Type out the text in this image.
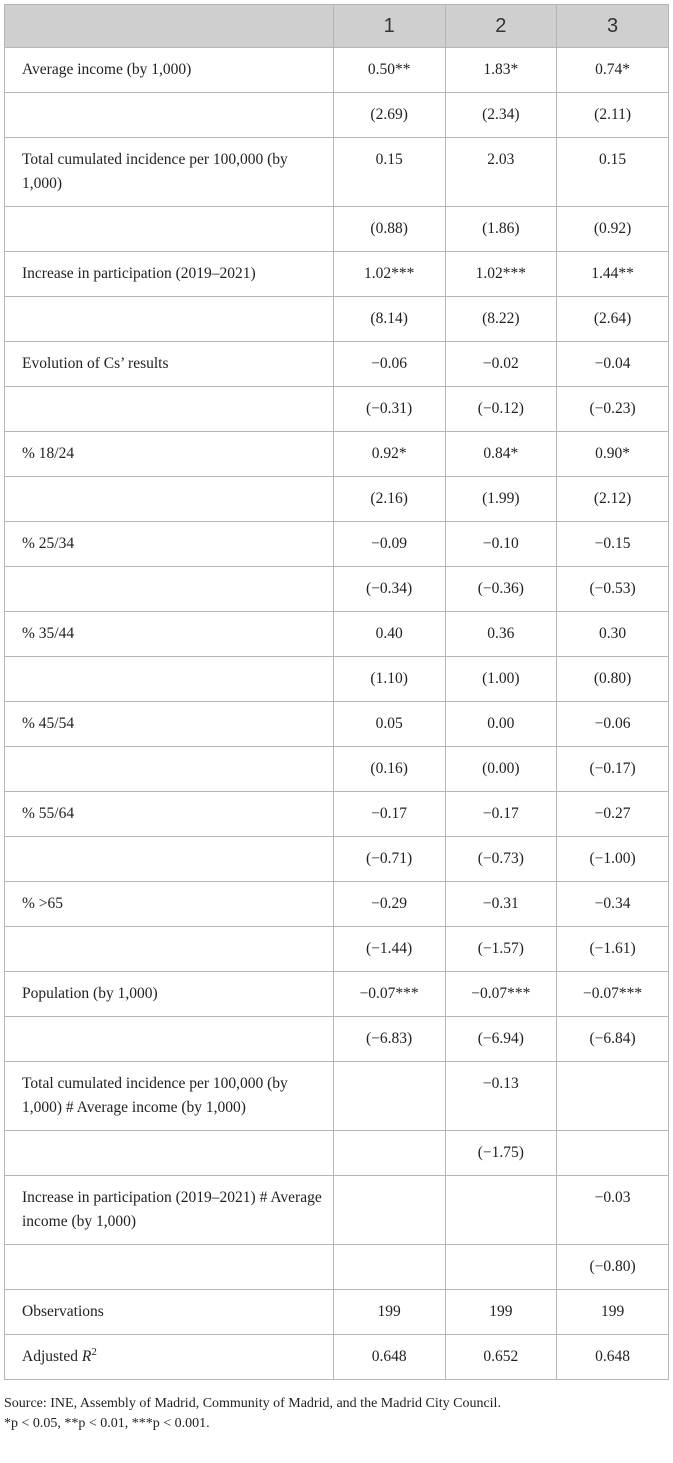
	1	2	3
Average income (by 1,000)	0.50**	1.83*	0.74*
	(2.69)	(2.34)	(2.11)
Total cumulated incidence per 100,000 (by 1,000)	0.15	2.03	0.15
	(0.88)	(1.86)	(0.92)
Increase in participation (2019–2021)	1.02***	1.02***	1.44**
	(8.14)	(8.22)	(2.64)
Evolution of Cs’ results	−0.06	−0.02	−0.04
	(−0.31)	(−0.12)	(−0.23)
% 18/24	0.92*	0.84*	0.90*
	(2.16)	(1.99)	(2.12)
% 25/34	−0.09	−0.10	−0.15
	(−0.34)	(−0.36)	(−0.53)
% 35/44	0.40	0.36	0.30
	(1.10)	(1.00)	(0.80)
% 45/54	0.05	0.00	−0.06
	(0.16)	(0.00)	(−0.17)
% 55/64	−0.17	−0.17	−0.27
	(−0.71)	(−0.73)	(−1.00)
% >65	−0.29	−0.31	−0.34
	(−1.44)	(−1.57)	(−1.61)
Population (by 1,000)	−0.07***	−0.07***	−0.07***
	(−6.83)	(−6.94)	(−6.84)
Total cumulated incidence per 100,000 (by 1,000) # Average income (by 1,000)		−0.13	
		(−1.75)	
Increase in participation (2019–2021) # Average income (by 1,000)			−0.03
			(−0.80)
Observations	199	199	199
Adjusted $R^2$	0.648	0.652	0.648
Source: INE, Assembly of Madrid, Community of Madrid, and the Madrid City Council.
*p < 0.05, **p < 0.01, ***p < 0.001.
